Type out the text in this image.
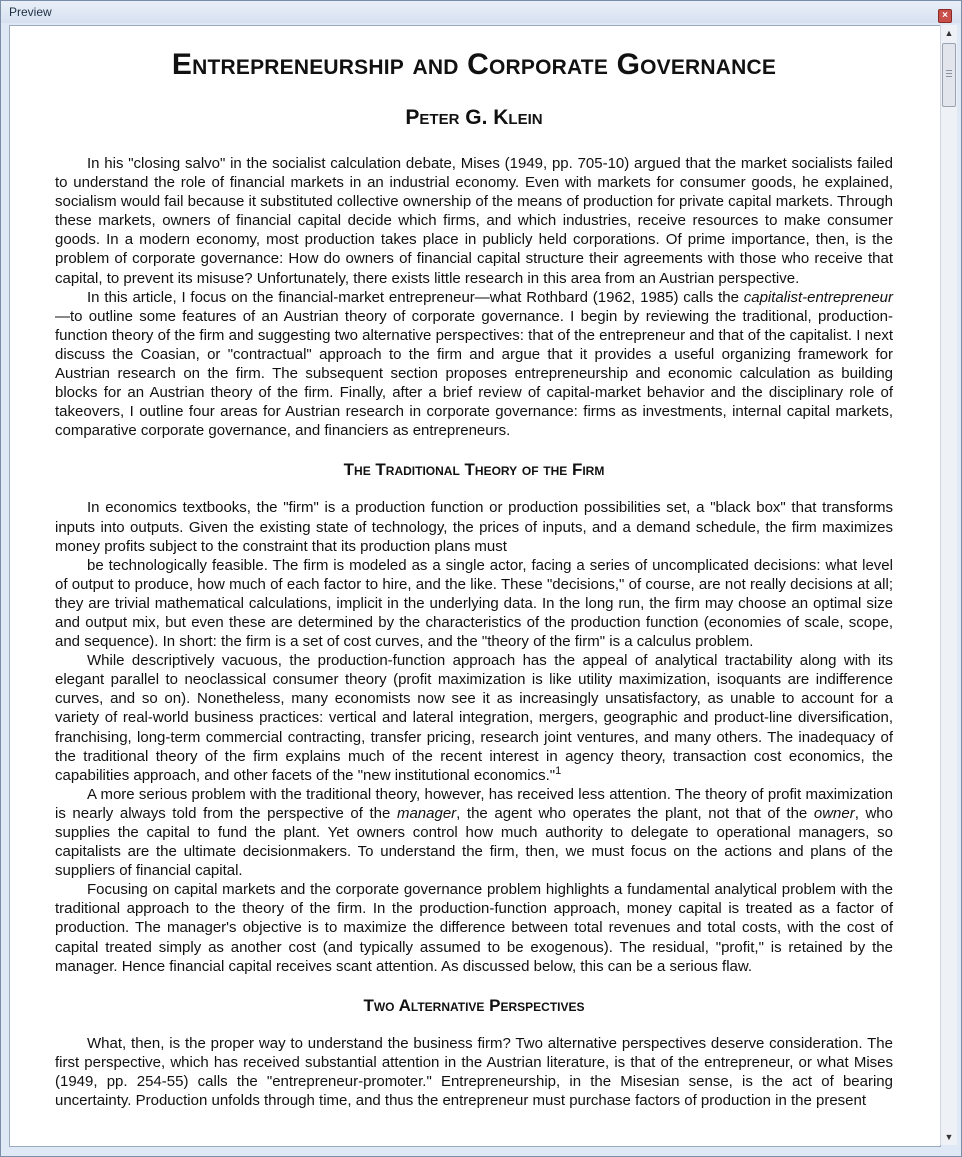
Preview	×
Entrepreneurship and Corporate Governance
Peter G. Klein

In his "closing salvo" in the socialist calculation debate, Mises (1949, pp. 705-10) argued that the market socialists failed to understand the role of financial markets in an industrial economy. Even with markets for consumer goods, he explained, socialism would fail because it substituted collective ownership of the means of production for private capital markets. Through these markets, owners of financial capital decide which firms, and which industries, receive resources to make consumer goods. In a modern economy, most production takes place in publicly held corporations. Of prime importance, then, is the problem of corporate governance: How do owners of financial capital structure their agreements with those who receive that capital, to prevent its misuse? Unfortunately, there exists little research in this area from an Austrian perspective.

In this article, I focus on the financial-market entrepreneur—what Rothbard (1962, 1985) calls the capitalist-entrepreneur—to outline some features of an Austrian theory of corporate governance. I begin by reviewing the traditional, production-function theory of the firm and suggesting two alternative perspectives: that of the entrepreneur and that of the capitalist. I next discuss the Coasian, or "contractual" approach to the firm and argue that it provides a useful organizing framework for Austrian research on the firm. The subsequent section proposes entrepreneurship and economic calculation as building blocks for an Austrian theory of the firm. Finally, after a brief review of capital-market behavior and the disciplinary role of takeovers, I outline four areas for Austrian research in corporate governance: firms as investments, internal capital markets, comparative corporate governance, and financiers as entrepreneurs.

The Traditional Theory of the Firm

In economics textbooks, the "firm" is a production function or production possibilities set, a "black box" that transforms inputs into outputs. Given the existing state of technology, the prices of inputs, and a demand schedule, the firm maximizes money profits subject to the constraint that its production plans must

be technologically feasible. The firm is modeled as a single actor, facing a series of uncomplicated decisions: what level of output to produce, how much of each factor to hire, and the like. These "decisions," of course, are not really decisions at all; they are trivial mathematical calculations, implicit in the underlying data. In the long run, the firm may choose an optimal size and output mix, but even these are determined by the characteristics of the production function (economies of scale, scope, and sequence). In short: the firm is a set of cost curves, and the "theory of the firm" is a calculus problem.

While descriptively vacuous, the production-function approach has the appeal of analytical tractability along with its elegant parallel to neoclassical consumer theory (profit maximization is like utility maximization, isoquants are indifference curves, and so on). Nonetheless, many economists now see it as increasingly unsatisfactory, as unable to account for a variety of real-world business practices: vertical and lateral integration, mergers, geographic and product-line diversification, franchising, long-term commercial contracting, transfer pricing, research joint ventures, and many others. The inadequacy of the traditional theory of the firm explains much of the recent interest in agency theory, transaction cost economics, the capabilities approach, and other facets of the "new institutional economics."$^1$

A more serious problem with the traditional theory, however, has received less attention. The theory of profit maximization is nearly always told from the perspective of the manager, the agent who operates the plant, not that of the owner, who supplies the capital to fund the plant. Yet owners control how much authority to delegate to operational managers, so capitalists are the ultimate decisionmakers. To understand the firm, then, we must focus on the actions and plans of the suppliers of financial capital.

Focusing on capital markets and the corporate governance problem highlights a fundamental analytical problem with the traditional approach to the theory of the firm. In the production-function approach, money capital is treated as a factor of production. The manager's objective is to maximize the difference between total revenues and total costs, with the cost of capital treated simply as another cost (and typically assumed to be exogenous). The residual, "profit," is retained by the manager. Hence financial capital receives scant attention. As discussed below, this can be a serious flaw.

Two Alternative Perspectives

What, then, is the proper way to understand the business firm? Two alternative perspectives deserve consideration. The first perspective, which has received substantial attention in the Austrian literature, is that of the entrepreneur, or what Mises (1949, pp. 254-55) calls the "entrepreneur-promoter." Entrepreneurship, in the Misesian sense, is the act of bearing uncertainty. Production unfolds through time, and thus the entrepreneur must purchase factors of production in the present

▲
▼
